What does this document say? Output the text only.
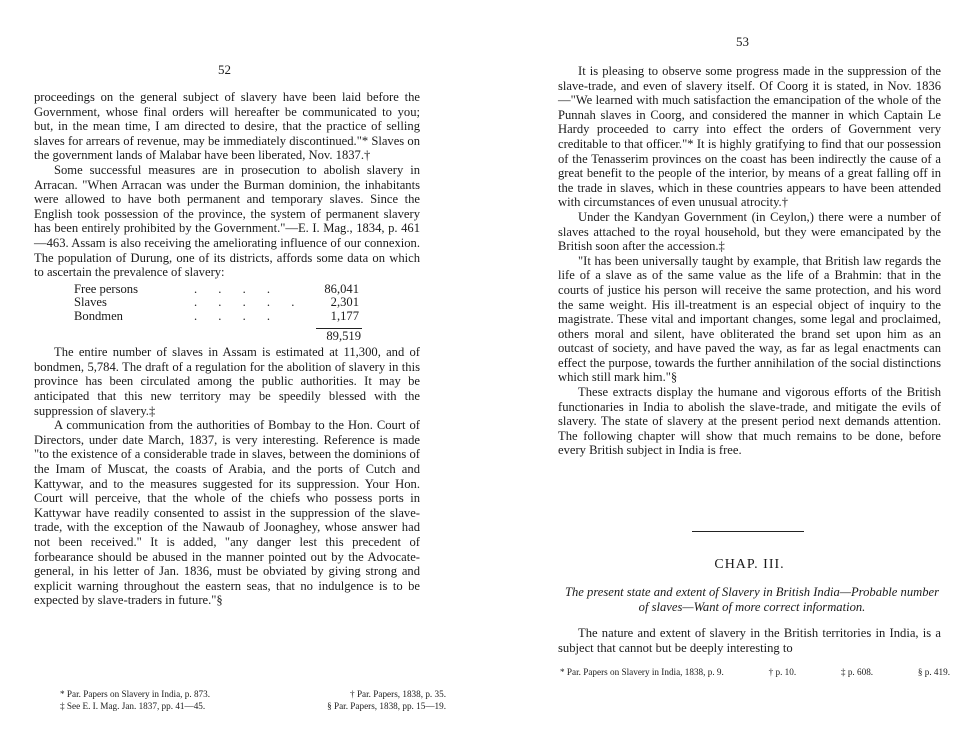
52

proceedings on the general subject of slavery have been laid before the Government, whose final orders will hereafter be communicated to you; but, in the mean time, I am directed to desire, that the practice of selling slaves for arrears of revenue, may be immediately discontinued."* Slaves on the government lands of Malabar have been liberated, Nov. 1837.†

Some successful measures are in prosecution to abolish slavery in Arracan. "When Arracan was under the Burman dominion, the inhabitants were allowed to have both permanent and temporary slaves. Since the English took possession of the province, the system of permanent slavery has been entirely prohibited by the Government."—E. I. Mag., 1834, p. 461—463. Assam is also receiving the ameliorating influence of our connexion. The population of Durung, one of its districts, affords some data on which to ascertain the prevalence of slavery:

Free persons	. . . .	86,041
Slaves	. . . . .	2,301
Bondmen	. . . .	1,177
89,519

The entire number of slaves in Assam is estimated at 11,300, and of bondmen, 5,784. The draft of a regulation for the abolition of slavery in this province has been circulated among the public authorities. It may be anticipated that this new territory may be speedily blessed with the suppression of slavery.‡

A communication from the authorities of Bombay to the Hon. Court of Directors, under date March, 1837, is very interesting. Reference is made "to the existence of a considerable trade in slaves, between the dominions of the Imam of Muscat, the coasts of Arabia, and the ports of Cutch and Kattywar, and to the measures suggested for its suppression. Your Hon. Court will perceive, that the whole of the chiefs who possess ports in Kattywar have readily consented to assist in the suppression of the slave-trade, with the exception of the Nawaub of Joonaghey, whose answer had not been received." It is added, "any danger lest this precedent of forbearance should be abused in the manner pointed out by the Advocate-general, in his letter of Jan. 1836, must be obviated by giving strong and explicit warning throughout the eastern seas, that no indulgence is to be expected by slave-traders in future."§

* Par. Papers on Slavery in India, p. 873.	† Par. Papers, 1838, p. 35.
‡ See E. I. Mag. Jan. 1837, pp. 41—45.	§ Par. Papers, 1838, pp. 15—19.
53

It is pleasing to observe some progress made in the suppression of the slave-trade, and even of slavery itself. Of Coorg it is stated, in Nov. 1836—"We learned with much satisfaction the emancipation of the whole of the Punnah slaves in Coorg, and considered the manner in which Captain Le Hardy proceeded to carry into effect the orders of Government very creditable to that officer."* It is highly gratifying to find that our possession of the Tenasserim provinces on the coast has been indirectly the cause of a great benefit to the people of the interior, by means of a great falling off in the trade in slaves, which in these countries appears to have been attended with circumstances of even unusual atrocity.†

Under the Kandyan Government (in Ceylon,) there were a number of slaves attached to the royal household, but they were emancipated by the British soon after the accession.‡

"It has been universally taught by example, that British law regards the life of a slave as of the same value as the life of a Brahmin: that in the courts of justice his person will receive the same protection, and his word the same weight. His ill-treatment is an especial object of inquiry to the magistrate. These vital and important changes, some legal and proclaimed, others moral and silent, have obliterated the brand set upon him as an outcast of society, and have paved the way, as far as legal enactments can effect the purpose, towards the further annihilation of the social distinctions which still mark him."§

These extracts display the humane and vigorous efforts of the British functionaries in India to abolish the slave-trade, and mitigate the evils of slavery. The state of slavery at the present period next demands attention. The following chapter will show that much remains to be done, before every British subject in India is free.

CHAP. III.
The present state and extent of Slavery in British India—Probable number of slaves—Want of more correct information.

The nature and extent of slavery in the British territories in India, is a subject that cannot but be deeply interesting to

* Par. Papers on Slavery in India, 1838, p. 9.	† p. 10.	‡ p. 608.	§ p. 419.
